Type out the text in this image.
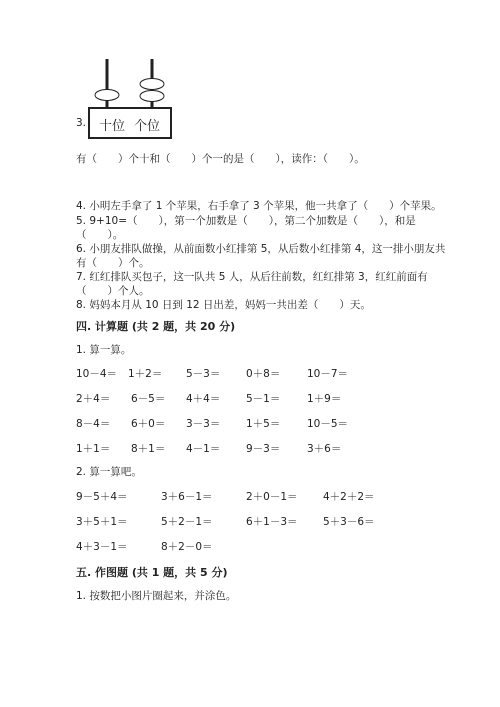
3. 十位 个位
有（　　）个十和（　　）个一的是（　　），读作：（　　）。
4. 小明左手拿了 1 个苹果，右手拿了 3 个苹果，他一共拿了（　　）个苹果。
5. 9+10=（　　），第一个加数是（　　），第二个加数是（　　），和是
（　　）。
6. 小朋友排队做操，从前面数小红排第 5，从后数小红排第 4，这一排小朋友共
有（　　）个。
7. 红红排队买包子，这一队共 5 人，从后往前数，红红排第 3，红红前面有
（　　）个人。
8. 妈妈本月从 10 日到 12 日出差，妈妈一共出差（　　）天。
四. 计算题 (共 2 题，共 20 分)
1. 算一算。
10－4＝ 1＋2＝ 5－3＝ 0＋8＝	10－7＝
2＋4＝ 6－5＝ 4＋4＝ 5－1＝	1＋9＝
8－4＝ 6＋0＝ 3－3＝ 1＋5＝	10－5＝
1＋1＝ 8＋1＝ 4－1＝ 9－3＝	3＋6＝
2. 算一算吧。
9－5＋4＝	3＋6－1＝	2＋0－1＝ 4＋2＋2＝
3＋5＋1＝	5＋2－1＝	6＋1－3＝ 5＋3－6＝
4＋3－1＝	8＋2－0＝
五. 作图题 (共 1 题，共 5 分)
1. 按数把小图片圈起来，并涂色。
